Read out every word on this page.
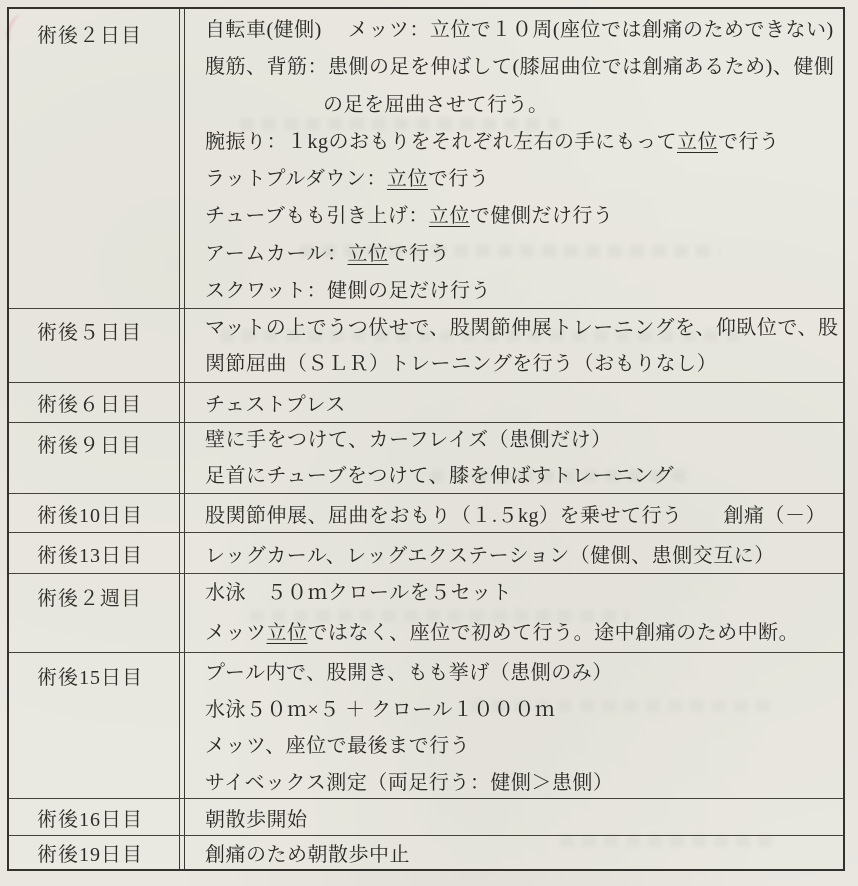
術後２日目	自転車(健側)　 メッツ：立位で１０周(座位では創痛のためできない)
腹筋、背筋：患側の足を伸ばして(膝屈曲位では創痛あるため)、健側
の足を屈曲させて行う。
腕振り：１kgのおもりをそれぞれ左右の手にもって立位で行う
ラットプルダウン：立位で行う
チューブもも引き上げ：立位で健側だけ行う
アームカール：立位で行う
スクワット：健側の足だけ行う
術後５日目	マットの上でうつ伏せで、股関節伸展トレーニングを、仰臥位で、股
関節屈曲（ＳＬＲ）トレーニングを行う（おもりなし）
術後６日目	チェストプレス
術後９日目	壁に手をつけて、カーフレイズ（患側だけ）
足首にチューブをつけて、膝を伸ばすトレーニング
術後10日目	股関節伸展、屈曲をおもり（１.５kg）を乗せて行う　　創痛（－）
術後13日目	レッグカール、レッグエクステーション（健側、患側交互に）
術後２週目	水泳　５０ｍクロールを５セット
メッツ立位ではなく、座位で初めて行う。途中創痛のため中断。
術後15日目	プール内で、股開き、もも挙げ（患側のみ）
水泳５０ｍ×５ ＋ クロール１０００ｍ
メッツ、座位で最後まで行う
サイベックス測定（両足行う：健側＞患側）
術後16日目	朝散歩開始
術後19日目	創痛のため朝散歩中止
